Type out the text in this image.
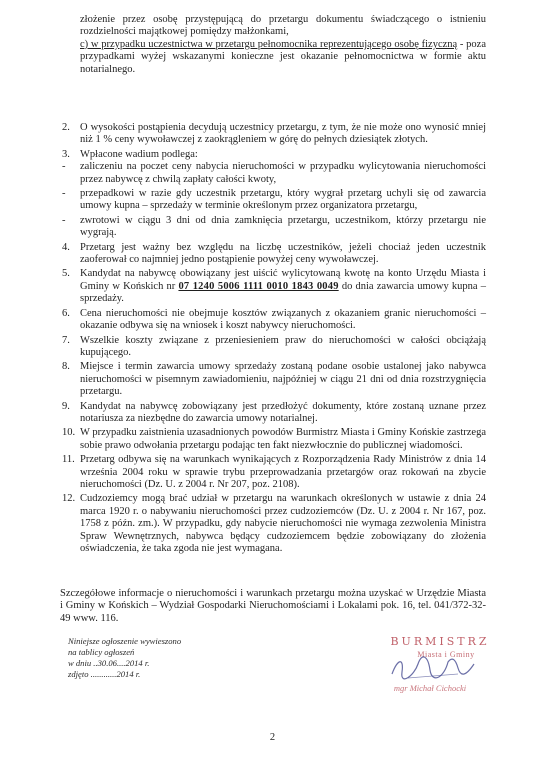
złożenie przez osobę przystępującą do przetargu dokumentu świadczącego o istnieniu rozdzielności majątkowej pomiędzy małżonkami,

c) w przypadku uczestnictwa w przetargu pełnomocnika reprezentującego osobę fizyczną - poza przypadkami wyżej wskazanymi konieczne jest okazanie pełnomocnictwa w formie aktu notarialnego.

2. O wysokości postąpienia decydują uczestnicy przetargu, z tym, że nie może ono wynosić mniej niż 1 % ceny wywoławczej z zaokrągleniem w górę do pełnych dziesiątek złotych.
3. Wpłacone wadium podlega:
- zaliczeniu na poczet ceny nabycia nieruchomości w przypadku wylicytowania nieruchomości przez nabywcę z chwilą zapłaty całości kwoty,
- przepadkowi w razie gdy uczestnik przetargu, który wygrał przetarg uchyli się od zawarcia umowy kupna – sprzedaży w terminie określonym przez organizatora przetargu,
- zwrotowi w ciągu 3 dni od dnia zamknięcia przetargu, uczestnikom, którzy przetargu nie wygrają.
4. Przetarg jest ważny bez względu na liczbę uczestników, jeżeli chociaż jeden uczestnik zaoferował co najmniej jedno postąpienie powyżej ceny wywoławczej.
5. Kandydat na nabywcę obowiązany jest uiścić wylicytowaną kwotę na konto Urzędu Miasta i Gminy w Końskich nr 07 1240 5006 1111 0010 1843 0049 do dnia zawarcia umowy kupna – sprzedaży.
6. Cena nieruchomości nie obejmuje kosztów związanych z okazaniem granic nieruchomości – okazanie odbywa się na wniosek i koszt nabywcy nieruchomości.
7. Wszelkie koszty związane z przeniesieniem praw do nieruchomości w całości obciążają kupującego.
8. Miejsce i termin zawarcia umowy sprzedaży zostaną podane osobie ustalonej jako nabywca nieruchomości w pisemnym zawiadomieniu, najpóźniej w ciągu 21 dni od dnia rozstrzygnięcia przetargu.
9. Kandydat na nabywcę zobowiązany jest przedłożyć dokumenty, które zostaną uznane przez notariusza za niezbędne do zawarcia umowy notarialnej.
10. W przypadku zaistnienia uzasadnionych powodów Burmistrz Miasta i Gminy Końskie zastrzega sobie prawo odwołania przetargu podając ten fakt niezwłocznie do publicznej wiadomości.
11. Przetarg odbywa się na warunkach wynikających z Rozporządzenia Rady Ministrów z dnia 14 września 2004 roku w sprawie trybu przeprowadzania przetargów oraz rokowań na zbycie nieruchomości (Dz. U. z 2004 r. Nr 207, poz. 2108).
12. Cudzoziemcy mogą brać udział w przetargu na warunkach określonych w ustawie z dnia 24 marca 1920 r. o nabywaniu nieruchomości przez cudzoziemców (Dz. U. z 2004 r. Nr 167, poz. 1758 z późn. zm.). W przypadku, gdy nabycie nieruchomości nie wymaga zezwolenia Ministra Spraw Wewnętrznych, nabywca będący cudzoziemcem będzie zobowiązany do złożenia oświadczenia, że taka zgoda nie jest wymagana.
Szczegółowe informacje o nieruchomości i warunkach przetargu można uzyskać w Urzędzie Miasta i Gminy w Końskich – Wydział Gospodarki Nieruchomościami i Lokalami pok. 16, tel. 041/372-32-49 www. 116.

Niniejsze ogłoszenie wywieszono

na tablicy ogłoszeń

w dniu ..30.06....2014 r.

zdjęto ............2014 r.

BURMISTRZ
Miasta i Gminy
mgr Michał Cichocki
2
